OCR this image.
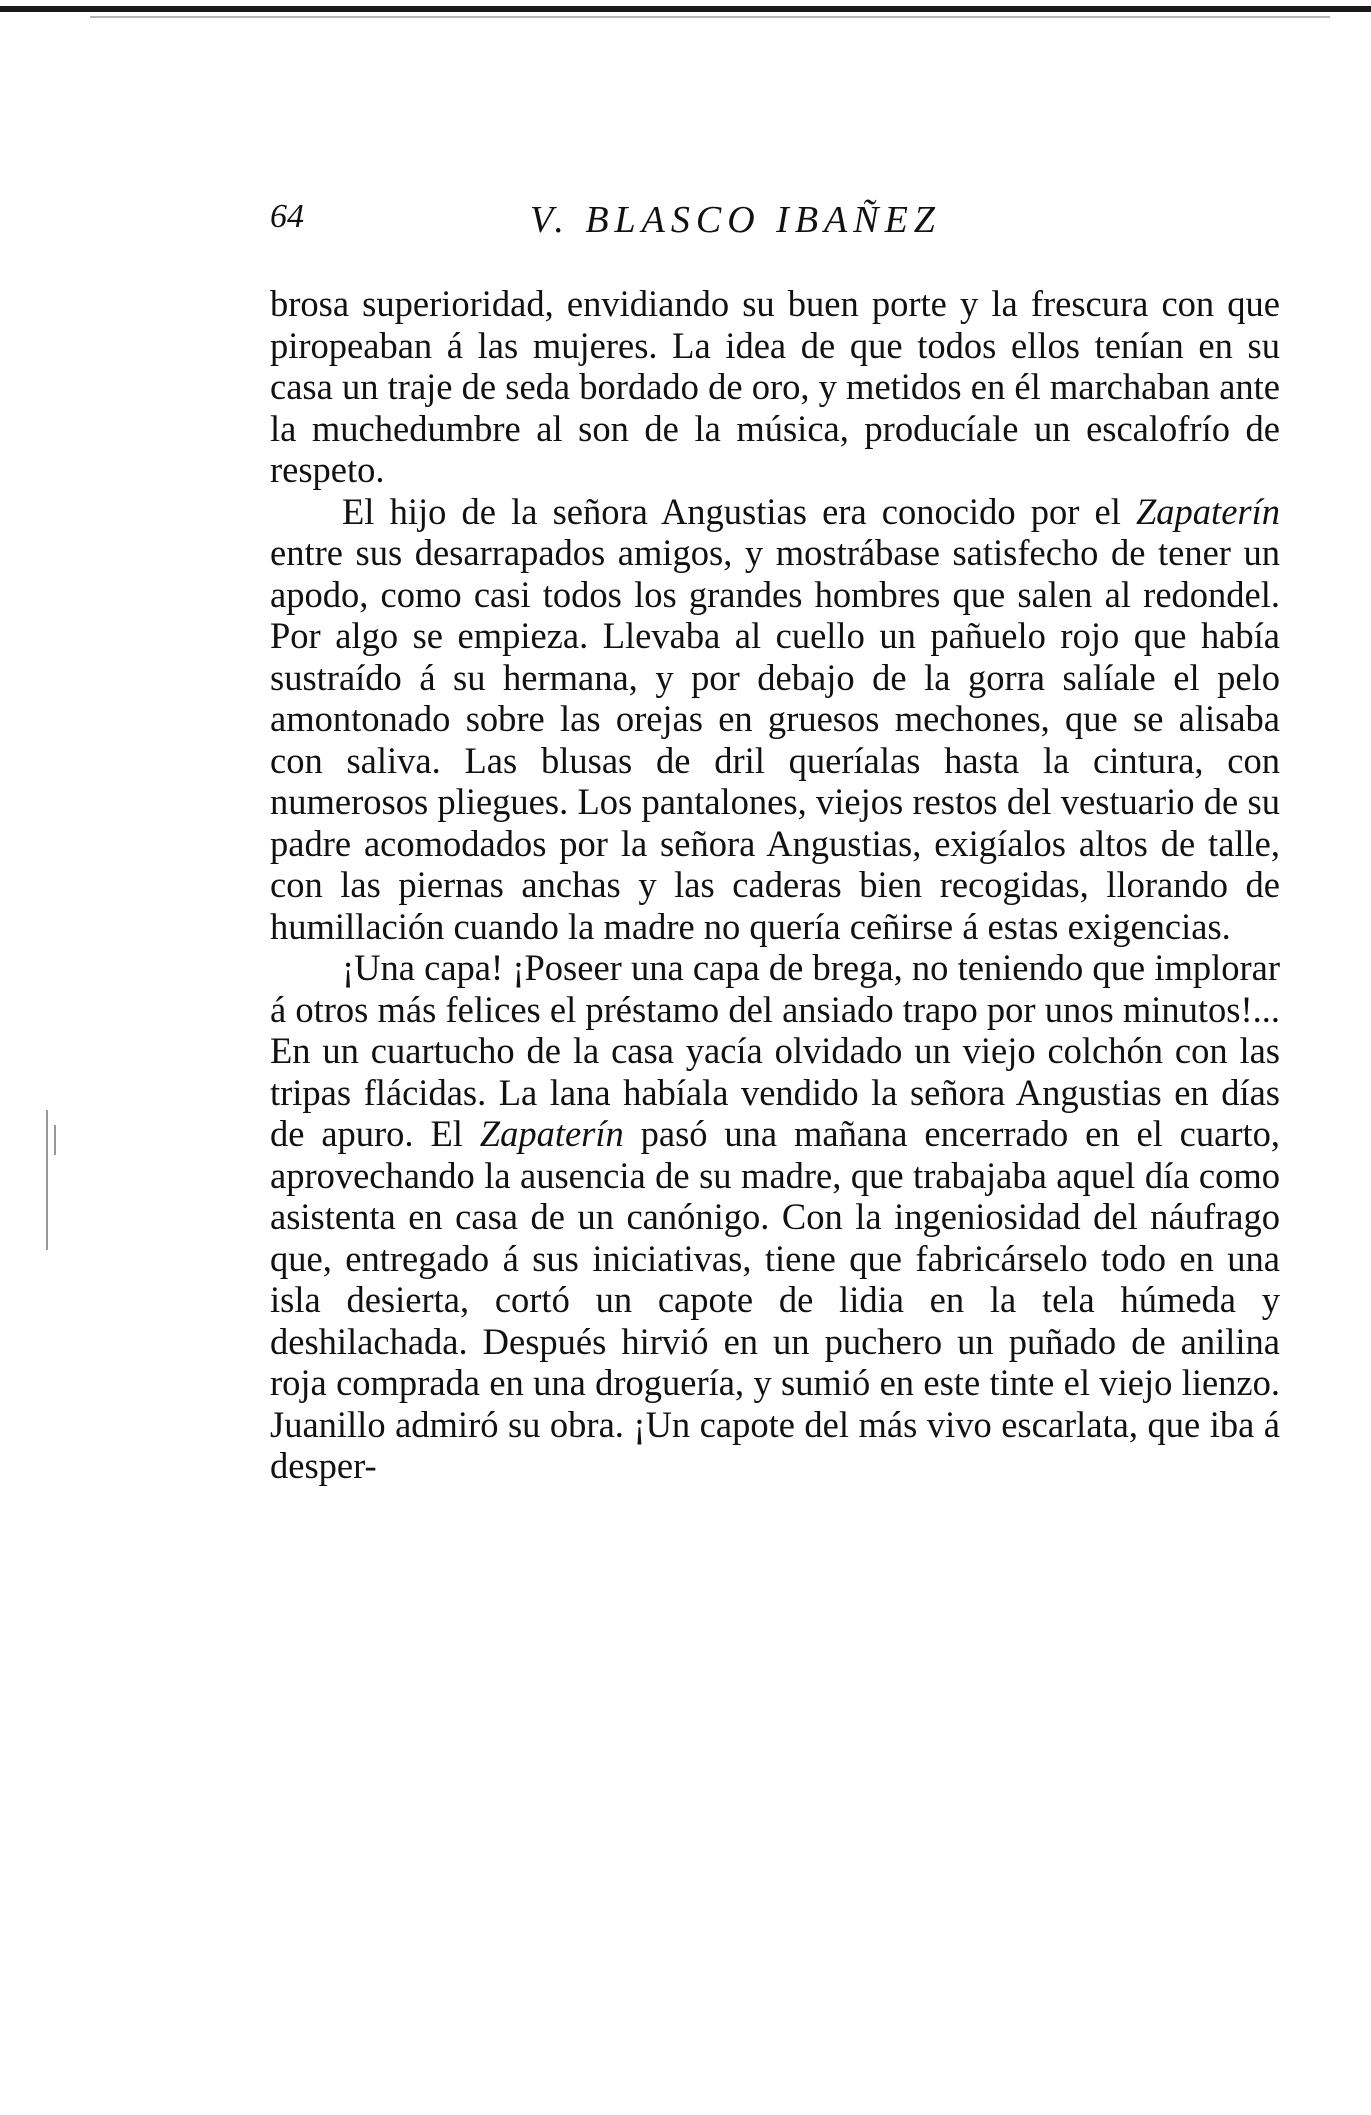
64	V. BLASCO IBAÑEZ

brosa superioridad, envidiando su buen porte y la frescura con que piropeaban á las mujeres. La idea de que todos ellos tenían en su casa un traje de seda bordado de oro, y metidos en él marchaban ante la muchedumbre al son de la música, producíale un escalofrío de respeto.

El hijo de la señora Angustias era conocido por el Zapaterín entre sus desarrapados amigos, y mostrábase satisfecho de tener un apodo, como casi todos los grandes hombres que salen al redondel. Por algo se empieza. Llevaba al cuello un pañuelo rojo que había sustraído á su hermana, y por debajo de la gorra salíale el pelo amontonado sobre las orejas en gruesos mechones, que se alisaba con saliva. Las blusas de dril queríalas hasta la cintura, con numerosos pliegues. Los pantalones, viejos restos del vestuario de su padre acomodados por la señora Angustias, exigíalos altos de talle, con las piernas anchas y las caderas bien recogidas, llorando de humillación cuando la madre no quería ceñirse á estas exigencias.

¡Una capa! ¡Poseer una capa de brega, no teniendo que implorar á otros más felices el préstamo del ansiado trapo por unos minutos!... En un cuartucho de la casa yacía olvidado un viejo colchón con las tripas flácidas. La lana habíala vendido la señora Angustias en días de apuro. El Zapaterín pasó una mañana encerrado en el cuarto, aprovechando la ausencia de su madre, que trabajaba aquel día como asistenta en casa de un canónigo. Con la ingeniosidad del náufrago que, entregado á sus iniciativas, tiene que fabricárselo todo en una isla desierta, cortó un capote de lidia en la tela húmeda y deshilachada. Después hirvió en un puchero un puñado de anilina roja comprada en una droguería, y sumió en este tinte el viejo lienzo. Juanillo admiró su obra. ¡Un capote del más vivo escarlata, que iba á desper-
